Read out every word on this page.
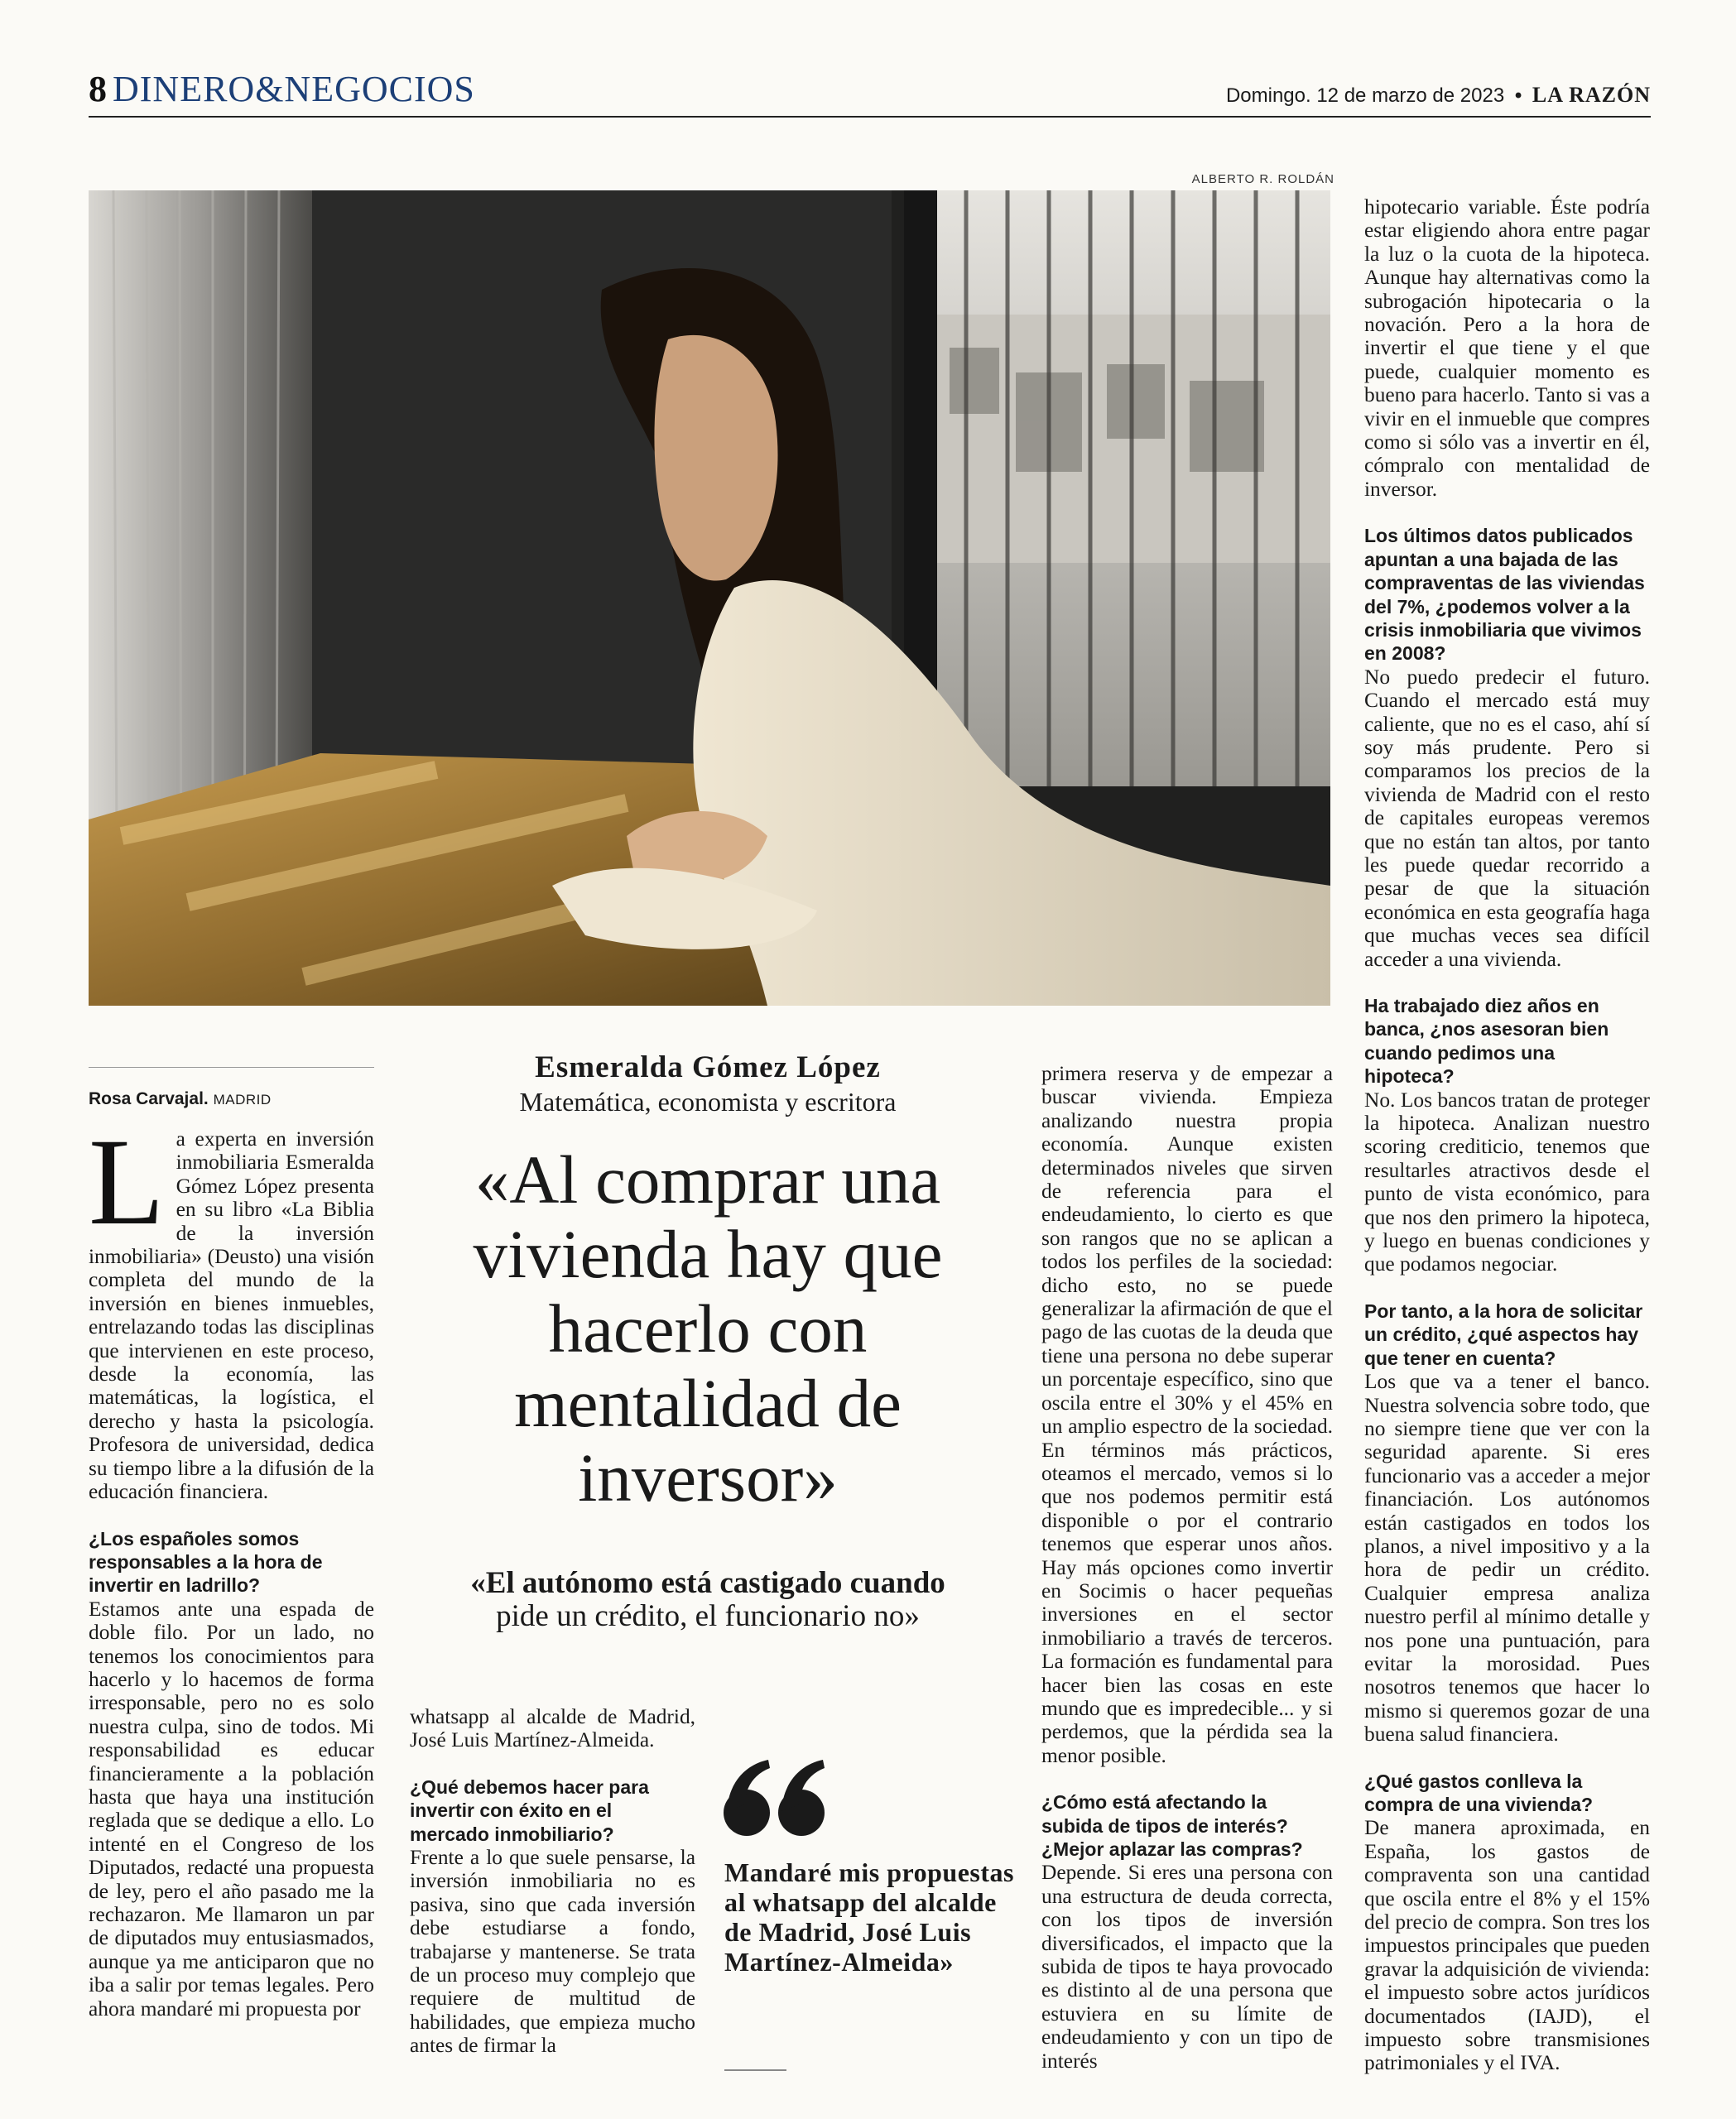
8 DINERO&NEGOCIOS	Domingo. 12 de marzo de 2023 • LA RAZÓN
ALBERTO R. ROLDÁN
Rosa Carvajal. MADRID
L a experta en inversión inmobiliaria Esmeralda Gómez López presenta en su libro «La Biblia de la inversión inmobiliaria» (Deusto) una visión completa del mundo de la inversión en bienes inmuebles, entrelazando todas las disciplinas que intervienen en este proceso, desde la economía, las matemáticas, la logística, el derecho y hasta la psicología. Profesora de universidad, dedica su tiempo libre a la difusión de la educación financiera.

¿Los españoles somos responsables a la hora de invertir en ladrillo?

Estamos ante una espada de doble filo. Por un lado, no tenemos los conocimientos para hacerlo y lo hacemos de forma irresponsable, pero no es solo nuestra culpa, sino de todos. Mi responsabilidad es educar financieramente a la población hasta que haya una institución reglada que se dedique a ello. Lo intenté en el Congreso de los Diputados, redacté una propuesta de ley, pero el año pasado me la rechazaron. Me llamaron un par de diputados muy entusiasmados, aunque ya me anticiparon que no iba a salir por temas legales. Pero ahora mandaré mi propuesta por

Esmeralda Gómez López
Matemática, economista y escritora
«Al comprar una vivienda hay que hacerlo con mentalidad de inversor»
«El autónomo está castigado cuando
pide un crédito, el funcionario no»

whatsapp al alcalde de Madrid, José Luis Martínez-Almeida.

¿Qué debemos hacer para invertir con éxito en el mercado inmobiliario?

Frente a lo que suele pensarse, la inversión inmobiliaria no es pasiva, sino que cada inversión debe estudiarse a fondo, trabajarse y mantenerse. Se trata de un proceso muy complejo que requiere de multitud de habilidades, que empieza mucho antes de firmar la

Mandaré mis propuestas al whatsapp del alcalde de Madrid, José Luis Martínez-Almeida»

primera reserva y de empezar a buscar vivienda. Empieza analizando nuestra propia economía. Aunque existen determinados niveles que sirven de referencia para el endeudamiento, lo cierto es que son rangos que no se aplican a todos los perfiles de la sociedad: dicho esto, no se puede generalizar la afirmación de que el pago de las cuotas de la deuda que tiene una persona no debe superar un porcentaje específico, sino que oscila entre el 30% y el 45% en un amplio espectro de la sociedad. En términos más prácticos, oteamos el mercado, vemos si lo que nos podemos permitir está disponible o por el contrario tenemos que esperar unos años. Hay más opciones como invertir en Socimis o hacer pequeñas inversiones en el sector inmobiliario a través de terceros. La formación es fundamental para hacer bien las cosas en este mundo que es impredecible... y si perdemos, que la pérdida sea la menor posible.

¿Cómo está afectando la subida de tipos de interés? ¿Mejor aplazar las compras?

Depende. Si eres una persona con una estructura de deuda correcta, con los tipos de inversión diversificados, el impacto que la subida de tipos te haya provocado es distinto al de una persona que estuviera en su límite de endeudamiento y con un tipo de interés

hipotecario variable. Éste podría estar eligiendo ahora entre pagar la luz o la cuota de la hipoteca. Aunque hay alternativas como la subrogación hipotecaria o la novación. Pero a la hora de invertir el que tiene y el que puede, cualquier momento es bueno para hacerlo. Tanto si vas a vivir en el inmueble que compres como si sólo vas a invertir en él, cómpralo con mentalidad de inversor.

Los últimos datos publicados apuntan a una bajada de las compraventas de las viviendas del 7%, ¿podemos volver a la crisis inmobiliaria que vivimos en 2008?

No puedo predecir el futuro. Cuando el mercado está muy caliente, que no es el caso, ahí sí soy más prudente. Pero si comparamos los precios de la vivienda de Madrid con el resto de capitales europeas veremos que no están tan altos, por tanto les puede quedar recorrido a pesar de que la situación económica en esta geografía haga que muchas veces sea difícil acceder a una vivienda.

Ha trabajado diez años en banca, ¿nos asesoran bien cuando pedimos una hipoteca?

No. Los bancos tratan de proteger la hipoteca. Analizan nuestro scoring crediticio, tenemos que resultarles atractivos desde el punto de vista económico, para que nos den primero la hipoteca, y luego en buenas condiciones y que podamos negociar.

Por tanto, a la hora de solicitar un crédito, ¿qué aspectos hay que tener en cuenta?

Los que va a tener el banco. Nuestra solvencia sobre todo, que no siempre tiene que ver con la seguridad aparente. Si eres funcionario vas a acceder a mejor financiación. Los autónomos están castigados en todos los planos, a nivel impositivo y a la hora de pedir un crédito. Cualquier empresa analiza nuestro perfil al mínimo detalle y nos pone una puntuación, para evitar la morosidad. Pues nosotros tenemos que hacer lo mismo si queremos gozar de una buena salud financiera.

¿Qué gastos conlleva la compra de una vivienda?

De manera aproximada, en España, los gastos de compraventa son una cantidad que oscila entre el 8% y el 15% del precio de compra. Son tres los impuestos principales que pueden gravar la adquisición de vivienda: el impuesto sobre actos jurídicos documentados (IAJD), el impuesto sobre transmisiones patrimoniales y el IVA.
